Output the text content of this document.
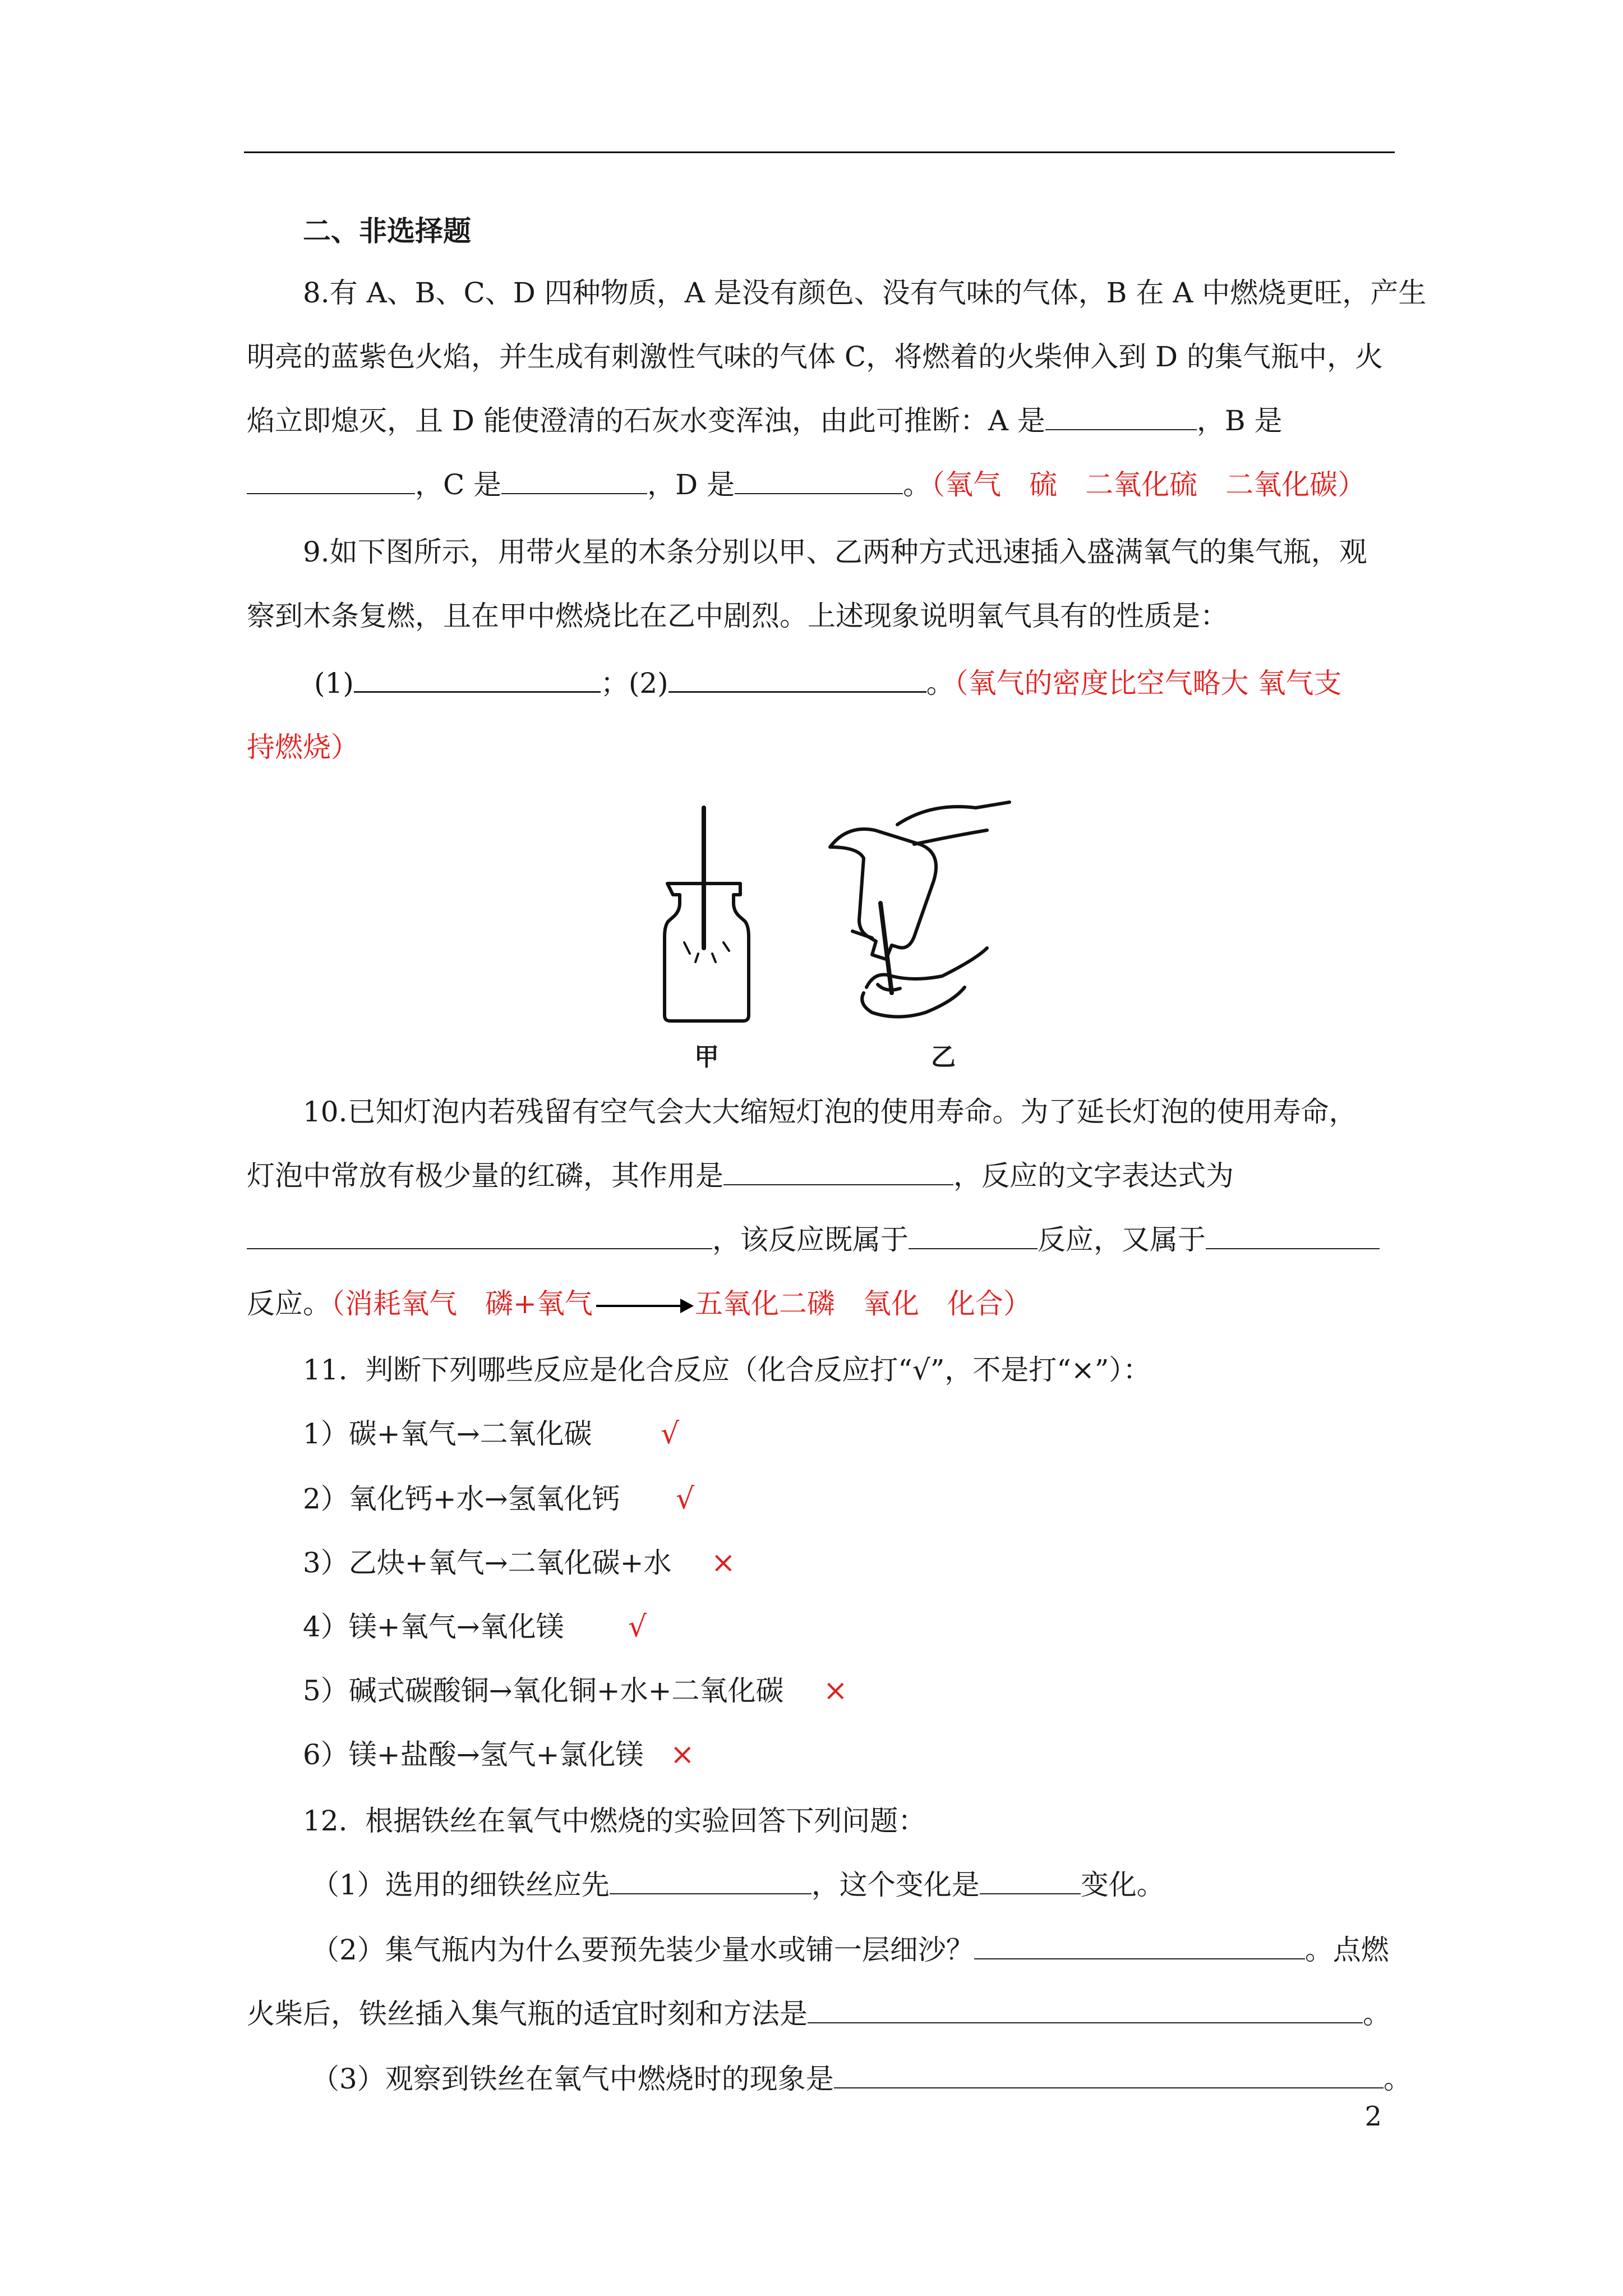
二、非选择题
8.有 A、B、C、D 四种物质，A 是没有颜色、没有气味的气体，B 在 A 中燃烧更旺，产生
明亮的蓝紫色火焰，并生成有刺激性气味的气体 C，将燃着的火柴伸入到 D 的集气瓶中，火
焰立即熄灭，且 D 能使澄清的石灰水变浑浊，由此可推断：A 是	，B 是
，C 是	，D 是	。（氧气　硫　二氧化硫　二氧化碳）
9.如下图所示，用带火星的木条分别以甲、乙两种方式迅速插入盛满氧气的集气瓶，观
察到木条复燃，且在甲中燃烧比在乙中剧烈。上述现象说明氧气具有的性质是：
(1)	；(2)	。（氧气的密度比空气略大 氧气支
持燃烧）
甲	乙
10.已知灯泡内若残留有空气会大大缩短灯泡的使用寿命。为了延长灯泡的使用寿命，
灯泡中常放有极少量的红磷，其作用是	，反应的文字表达式为
，该反应既属于	反应，又属于
反应。（消耗氧气　磷+氧气	五氧化二磷　氧化　化合）
11.  判断下列哪些反应是化合反应（化合反应打“√”，不是打“×”）：
1）碳+氧气→二氧化碳 √
2）氧化钙+水→氢氧化钙 √
3）乙炔+氧气→二氧化碳+水 ×
4）镁+氧气→氧化镁 √
5）碱式碳酸铜→氧化铜+水+二氧化碳 ×
6）镁+盐酸→氢气+氯化镁 ×
12.  根据铁丝在氧气中燃烧的实验回答下列问题：
（1）选用的细铁丝应先	，这个变化是	变化。
（2）集气瓶内为什么要预先装少量水或铺一层细沙？	。点燃
火柴后，铁丝插入集气瓶的适宜时刻和方法是	。
（3）观察到铁丝在氧气中燃烧时的现象是	。
2
